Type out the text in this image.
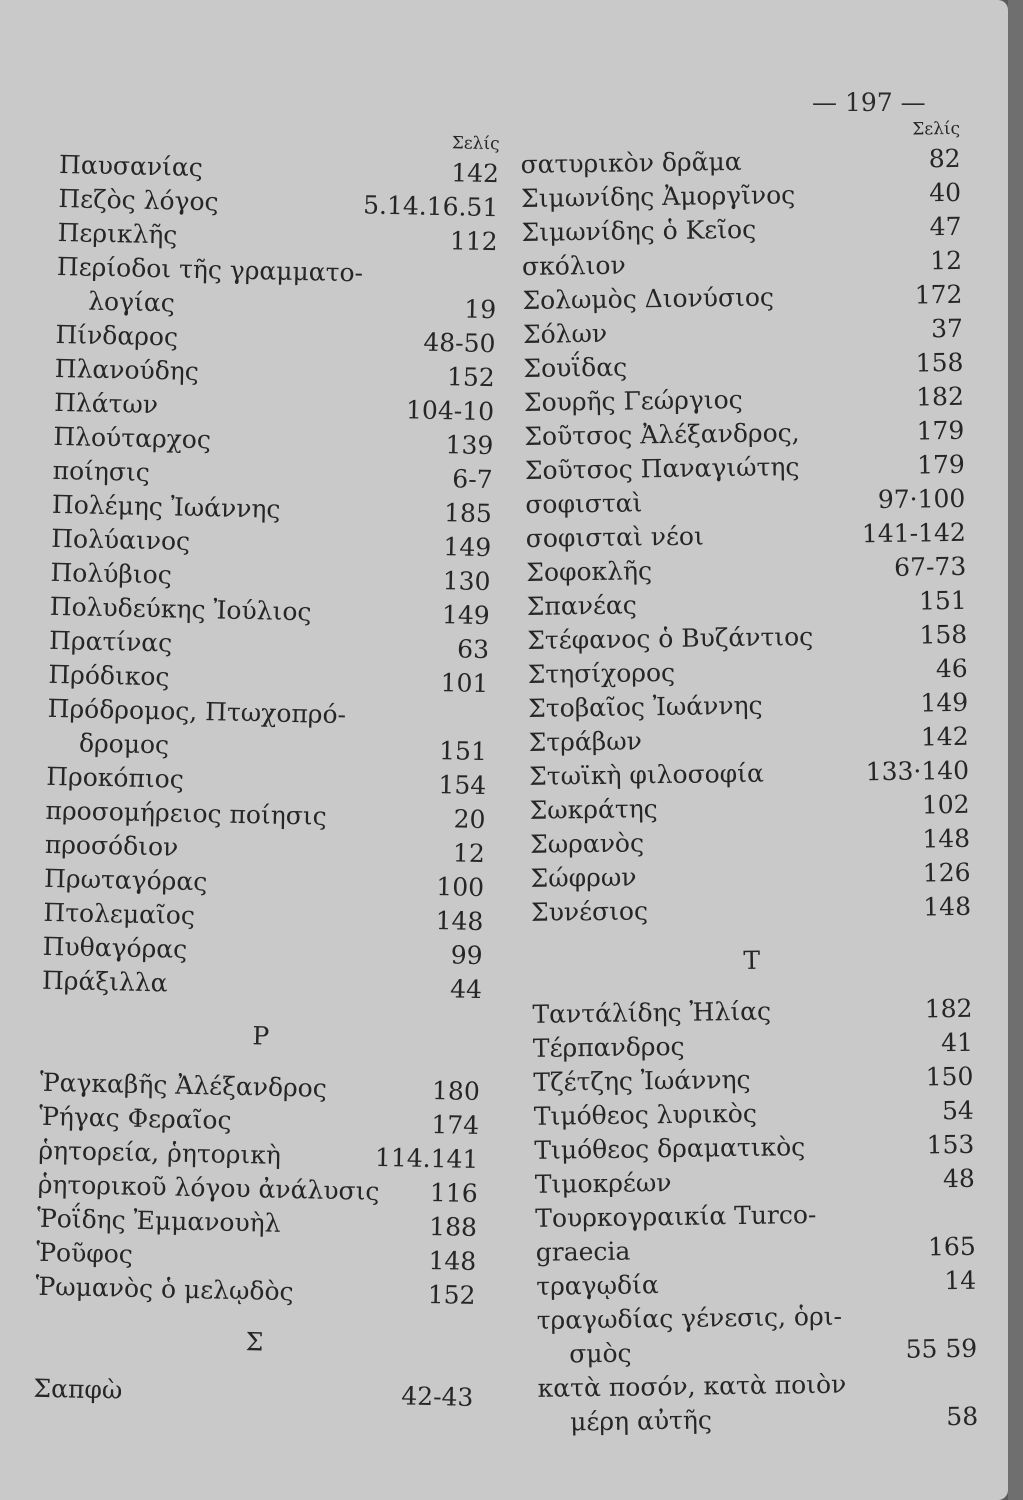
— 197 —
Σελίς
Παυσανίας	142
Πεζὸς λόγος	5.14.16.51
Περικλῆς	112
Περίοδοι τῆς γραμματο-
λογίας	19
Πίνδαρος	48-50
Πλανούδης	152
Πλάτων	104-10
Πλούταρχος	139
ποίησις	6-7
Πολέμης Ἰωάννης	185
Πολύαινος	149
Πολύβιος	130
Πολυδεύκης Ἰούλιος	149
Πρατίνας	63
Πρόδικος	101
Πρόδρομος, Πτωχοπρό-
δρομος	151
Προκόπιος	154
προσομήρειος ποίησις	20
προσόδιον	12
Πρωταγόρας	100
Πτολεμαῖος	148
Πυθαγόρας	99
Πράξιλλα	44
Ρ
Ῥαγκαβῆς Ἀλέξανδρος	180
Ῥήγας Φεραῖος	174
ῥητορεία, ῥητορικὴ	114.141
ῥητορικοῦ λόγου ἀνάλυσις	116
Ῥοΐδης Ἐμμανουὴλ	188
Ῥοῦφος	148
Ῥωμανὸς ὁ μελῳδὸς	152
Σ
Σαπφὼ	42-43
Σελίς
σατυρικὸν δρᾶμα	82
Σιμωνίδης Ἀμοργῖνος	40
Σιμωνίδης ὁ Κεῖος	47
σκόλιον	12
Σολωμὸς Διονύσιος	172
Σόλων	37
Σουΐδας	158
Σουρῆς Γεώργιος	182
Σοῦτσος Ἀλέξανδρος,	179
Σοῦτσος Παναγιώτης	179
σοφισταὶ	97·100
σοφισταὶ νέοι	141-142
Σοφοκλῆς	67-73
Σπανέας	151
Στέφανος ὁ Βυζάντιος	158
Στησίχορος	46
Στοβαῖος Ἰωάννης	149
Στράβων	142
Στωϊκὴ φιλοσοφία	133·140
Σωκράτης	102
Σωρανὸς	148
Σώφρων	126
Συνέσιος	148
Τ
Ταντάλίδης Ἠλίας	182
Τέρπανδρος	41
Τζέτζης Ἰωάννης	150
Τιμόθεος λυρικὸς	54
Τιμόθεος δραματικὸς	153
Τιμοκρέων	48
Τουρκογραικία Turco-
graecia	165
τραγῳδία	14
τραγωδίας γένεσις, ὁρι-
σμὸς	55 59
κατὰ ποσόν, κατὰ ποιὸν
μέρη αὐτῆς	58
